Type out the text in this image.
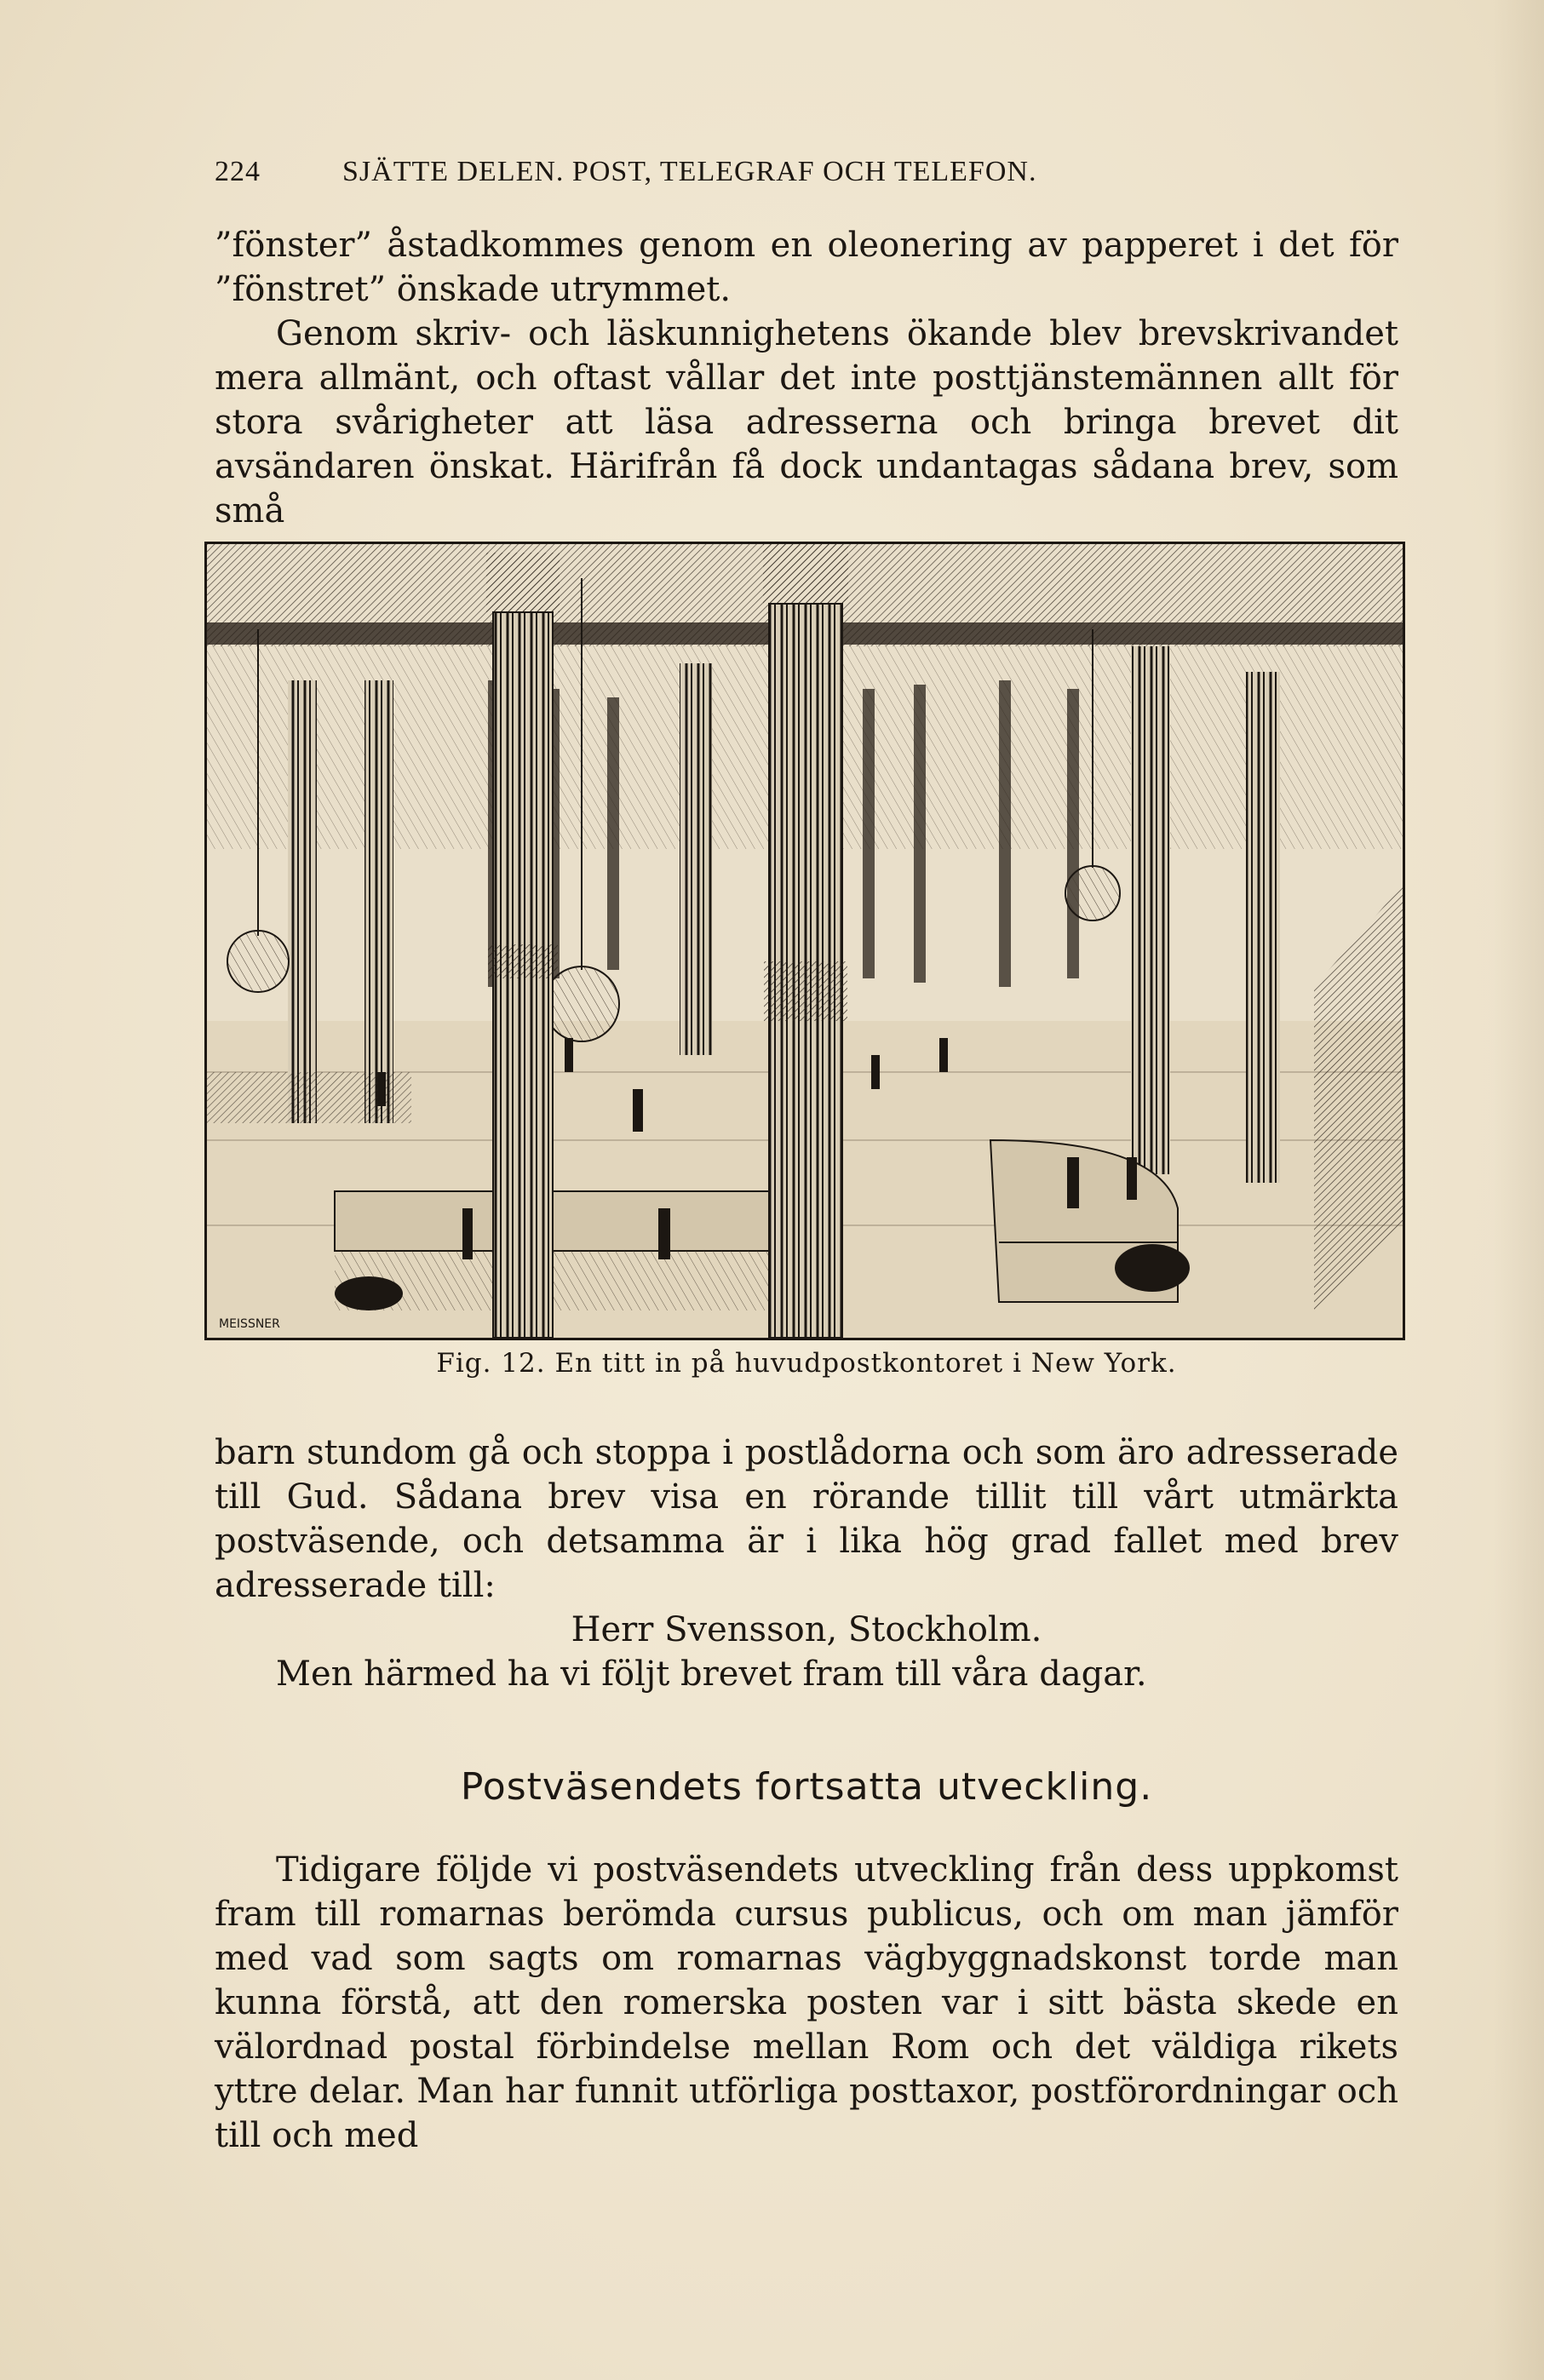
224	SJÄTTE DELEN. POST, TELEGRAF OCH TELEFON.

”fönster” åstadkommes genom en oleonering av papperet i det för ”fönstret” önskade utrymmet.

Genom skriv- och läskunnighetens ökande blev brevskrivandet mera allmänt, och oftast vållar det inte posttjänstemännen allt för stora svårigheter att läsa adresserna och bringa brevet dit avsändaren önskat. Härifrån få dock undantagas sådana brev, som små

MEISSNER
Fig. 12. En titt in på huvudpostkontoret i New York.

barn stundom gå och stoppa i postlådorna och som äro adresserade till Gud. Sådana brev visa en rörande tillit till vårt utmärkta postväsende, och detsamma är i lika hög grad fallet med brev adresserade till:

Herr Svensson, Stockholm.

Men härmed ha vi följt brevet fram till våra dagar.

Postväsendets fortsatta utveckling.

Tidigare följde vi postväsendets utveckling från dess uppkomst fram till romarnas berömda cursus publicus, och om man jämför med vad som sagts om romarnas vägbyggnadskonst torde man kunna förstå, att den romerska posten var i sitt bästa skede en välordnad postal förbindelse mellan Rom och det väldiga rikets yttre delar. Man har funnit utförliga posttaxor, postförordningar och till och med
